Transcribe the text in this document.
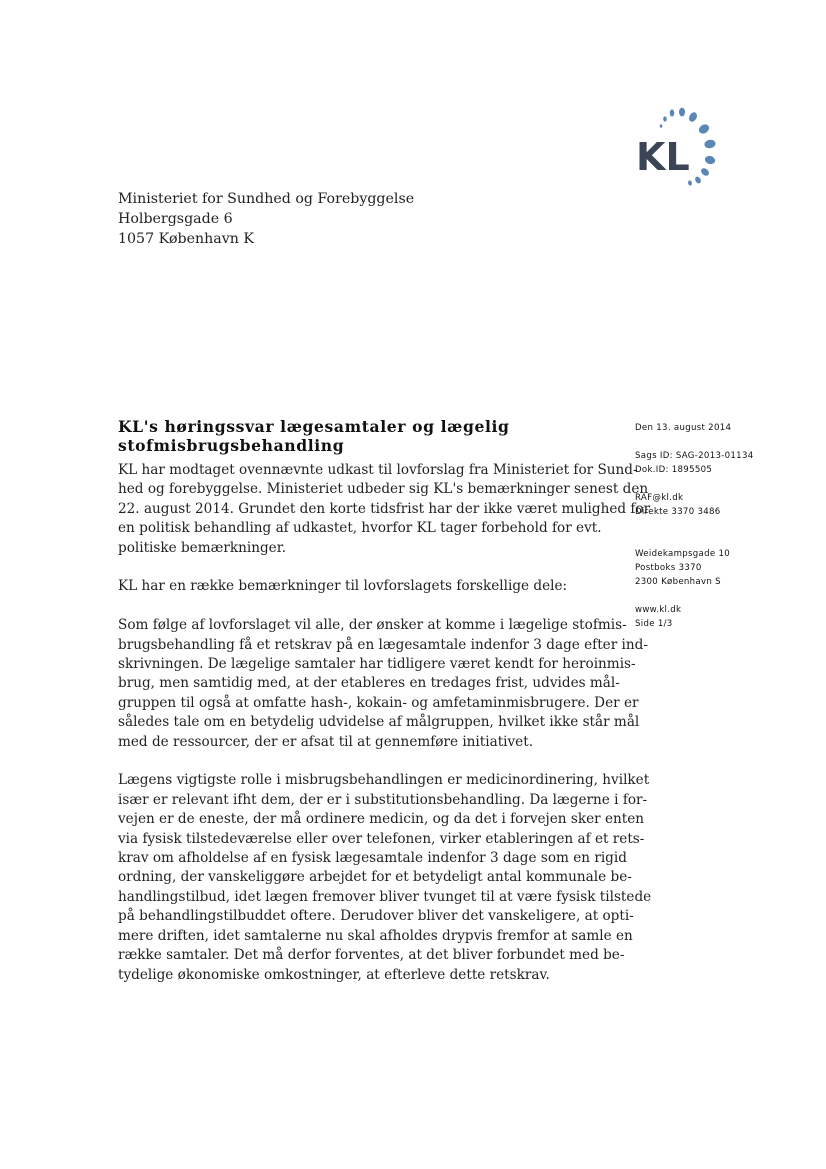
KL
Ministeriet for Sundhed og Forebyggelse
Holbergsgade 6
1057 København K
KL's høringssvar lægesamtaler og lægelig
stofmisbrugsbehandling

KL har modtaget ovennævnte udkast til lovforslag fra Ministeriet for Sund-
hed og forebyggelse. Ministeriet udbeder sig KL's bemærkninger senest den
22. august 2014. Grundet den korte tidsfrist har der ikke været mulighed for
en politisk behandling af udkastet, hvorfor KL tager forbehold for evt.
politiske bemærkninger.

KL har en række bemærkninger til lovforslagets forskellige dele:

Som følge af lovforslaget vil alle, der ønsker at komme i lægelige stofmis-
brugsbehandling få et retskrav på en lægesamtale indenfor 3 dage efter ind-
skrivningen. De lægelige samtaler har tidligere været kendt for heroinmis-
brug, men samtidig med, at der etableres en tredages frist, udvides mål-
gruppen til også at omfatte hash-, kokain- og amfetaminmisbrugere. Der er
således tale om en betydelig udvidelse af målgruppen, hvilket ikke står mål
med de ressourcer, der er afsat til at gennemføre initiativet.

Lægens vigtigste rolle i misbrugsbehandlingen er medicinordinering, hvilket
især er relevant ifht dem, der er i substitutionsbehandling. Da lægerne i for-
vejen er de eneste, der må ordinere medicin, og da det i forvejen sker enten
via fysisk tilstedeværelse eller over telefonen, virker etableringen af et rets-
krav om afholdelse af en fysisk lægesamtale indenfor 3 dage som en rigid
ordning, der vanskeliggøre arbejdet for et betydeligt antal kommunale be-
handlingstilbud, idet lægen fremover bliver tvunget til at være fysisk tilstede
på behandlingstilbuddet oftere. Derudover bliver det vanskeligere, at opti-
mere driften, idet samtalerne nu skal afholdes drypvis fremfor at samle en
række samtaler. Det må derfor forventes, at det bliver forbundet med be-
tydelige økonomiske omkostninger, at efterleve dette retskrav.

Den 13. august 2014
Sags ID: SAG-2013-01134
Dok.ID: 1895505
RAF@kl.dk
Direkte 3370 3486
Weidekampsgade 10
Postboks 3370
2300 København S
www.kl.dk
Side 1/3
